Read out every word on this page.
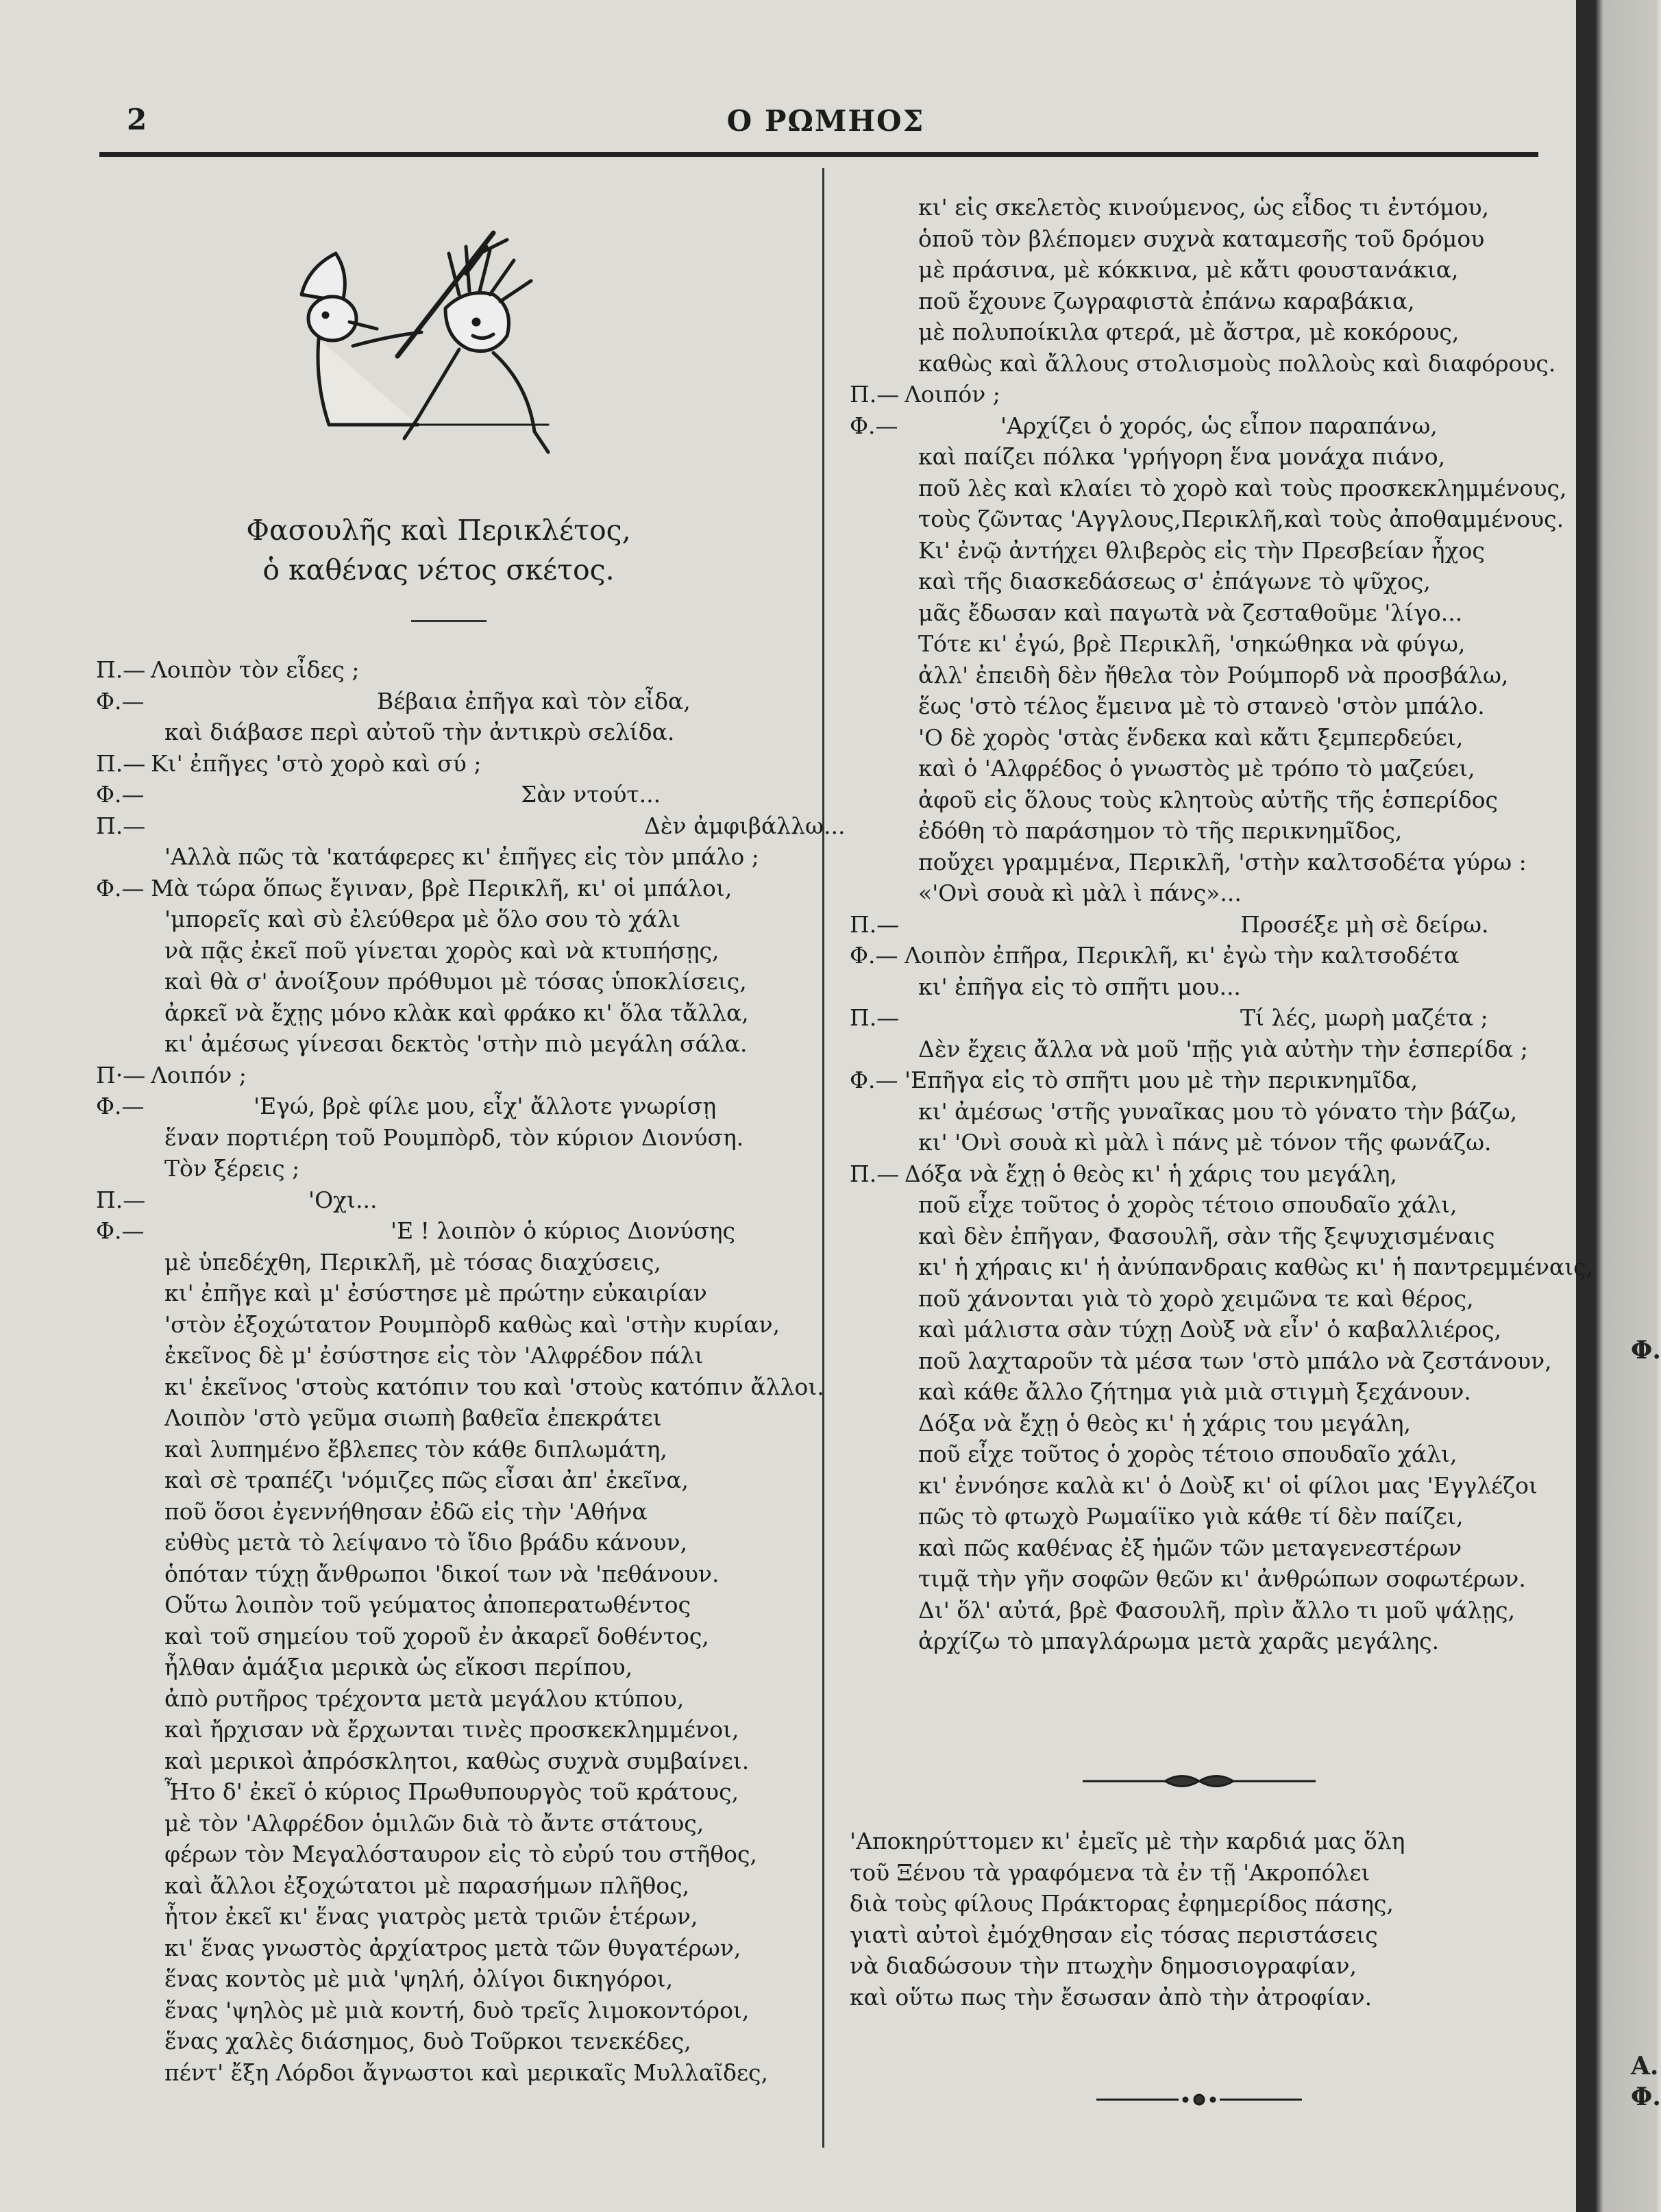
Φ.
Α.
Φ.
2	Ο ΡΩΜΗΟΣ
Φασουλῆς καὶ Περικλέτος,
ὁ καθένας νέτος σκέτος.
Π.— Λοιπὸν τὸν εἶδες ;
Φ.—	Βέβαια ἐπῆγα καὶ τὸν εἶδα,
καὶ διάβασε περὶ αὐτοῦ τὴν ἀντικρὺ σελίδα.
Π.— Κι' ἐπῆγες 'στὸ χορὸ καὶ σύ ;
Φ.—	Σὰν ντούτ...
Π.—	Δὲν ἀμφιβάλλω...
'Αλλὰ πῶς τὰ 'κατάφερες κι' ἐπῆγες εἰς τὸν μπάλο ;
Φ.— Μὰ τώρα ὅπως ἔγιναν, βρὲ Περικλῆ, κι' οἱ μπάλοι,
'μπορεῖς καὶ σὺ ἐλεύθερα μὲ ὅλο σου τὸ χάλι
νὰ πᾷς ἐκεῖ ποῦ γίνεται χορὸς καὶ νὰ κτυπήσῃς,
καὶ θὰ σ' ἀνοίξουν πρόθυμοι μὲ τόσας ὑποκλίσεις,
ἀρκεῖ νὰ ἔχῃς μόνο κλὰκ καὶ φράκο κι' ὅλα τἄλλα,
κι' ἀμέσως γίνεσαι δεκτὸς 'στὴν πιὸ μεγάλη σάλα.
Π·— Λοιπόν ;
Φ.—	'Εγώ, βρὲ φίλε μου, εἶχ' ἄλλοτε γνωρίσῃ
ἕναν πορτιέρη τοῦ Ρουμπὸρδ, τὸν κύριον Διονύση.
Τὸν ξέρεις ;
Π.—	'Οχι...
Φ.—	'Ε ! λοιπὸν ὁ κύριος Διονύσης
μὲ ὑπεδέχθη, Περικλῆ, μὲ τόσας διαχύσεις,
κι' ἐπῆγε καὶ μ' ἐσύστησε μὲ πρώτην εὐκαιρίαν
'στὸν ἐξοχώτατον Ρουμπὸρδ καθὼς καὶ 'στὴν κυρίαν,
ἐκεῖνος δὲ μ' ἐσύστησε εἰς τὸν 'Αλφρέδον πάλι
κι' ἐκεῖνος 'στοὺς κατόπιν του καὶ 'στοὺς κατόπιν ἄλλοι.
Λοιπὸν 'στὸ γεῦμα σιωπὴ βαθεῖα ἐπεκράτει
καὶ λυπημένο ἔβλεπες τὸν κάθε διπλωμάτη,
καὶ σὲ τραπέζι 'νόμιζες πῶς εἶσαι ἀπ' ἐκεῖνα,
ποῦ ὅσοι ἐγεννήθησαν ἐδῶ εἰς τὴν 'Αθήνα
εὐθὺς μετὰ τὸ λείψανο τὸ ἴδιο βράδυ κάνουν,
ὁπόταν τύχῃ ἄνθρωποι 'δικοί των νὰ 'πεθάνουν.
Οὕτω λοιπὸν τοῦ γεύματος ἀποπερατωθέντος
καὶ τοῦ σημείου τοῦ χοροῦ ἐν ἀκαρεῖ δοθέντος,
ἦλθαν ἁμάξια μερικὰ ὡς εἴκοσι περίπου,
ἀπὸ ρυτῆρος τρέχοντα μετὰ μεγάλου κτύπου,
καὶ ἤρχισαν νὰ ἔρχωνται τινὲς προσκεκλημμένοι,
καὶ μερικοὶ ἀπρόσκλητοι, καθὼς συχνὰ συμβαίνει.
Ἦτο δ' ἐκεῖ ὁ κύριος Πρωθυπουργὸς τοῦ κράτους,
μὲ τὸν 'Αλφρέδον ὁμιλῶν διὰ τὸ ἄντε στάτους,
φέρων τὸν Μεγαλόσταυρον εἰς τὸ εὐρύ του στῆθος,
καὶ ἄλλοι ἐξοχώτατοι μὲ παρασήμων πλῆθος,
ἦτον ἐκεῖ κι' ἕνας γιατρὸς μετὰ τριῶν ἑτέρων,
κι' ἕνας γνωστὸς ἀρχίατρος μετὰ τῶν θυγατέρων,
ἕνας κοντὸς μὲ μιὰ 'ψηλή, ὀλίγοι δικηγόροι,
ἕνας 'ψηλὸς μὲ μιὰ κοντή, δυὸ τρεῖς λιμοκοντόροι,
ἕνας χαλὲς διάσημος, δυὸ Τοῦρκοι τενεκέδες,
πέντ' ἔξη Λόρδοι ἄγνωστοι καὶ μερικαῖς Μυλλαῖδες,
κι' εἰς σκελετὸς κινούμενος, ὡς εἶδος τι ἐντόμου,
ὁποῦ τὸν βλέπομεν συχνὰ καταμεσῆς τοῦ δρόμου
μὲ πράσινα, μὲ κόκκινα, μὲ κἄτι φουστανάκια,
ποῦ ἔχουνε ζωγραφιστὰ ἐπάνω καραβάκια,
μὲ πολυποίκιλα φτερά, μὲ ἄστρα, μὲ κοκόρους,
καθὼς καὶ ἄλλους στολισμοὺς πολλοὺς καὶ διαφόρους.
Π.— Λοιπόν ;
Φ.—	'Αρχίζει ὁ χορός, ὡς εἶπον παραπάνω,
καὶ παίζει πόλκα 'γρήγορη ἕνα μονάχα πιάνο,
ποῦ λὲς καὶ κλαίει τὸ χορὸ καὶ τοὺς προσκεκλημμένους,
τοὺς ζῶντας 'Αγγλους,Περικλῆ,καὶ τοὺς ἀποθαμμένους.
Κι' ἐνῷ ἀντήχει θλιβερὸς εἰς τὴν Πρεσβείαν ἦχος
καὶ τῆς διασκεδάσεως σ' ἐπάγωνε τὸ ψῦχος,
μᾶς ἔδωσαν καὶ παγωτὰ νὰ ζεσταθοῦμε 'λίγο...
Τότε κι' ἐγώ, βρὲ Περικλῆ, 'σηκώθηκα νὰ φύγω,
ἀλλ' ἐπειδὴ δὲν ἤθελα τὸν Ρούμπορδ νὰ προσβάλω,
ἕως 'στὸ τέλος ἔμεινα μὲ τὸ στανεὸ 'στὸν μπάλο.
'Ο δὲ χορὸς 'στὰς ἕνδεκα καὶ κἄτι ξεμπερδεύει,
καὶ ὁ 'Αλφρέδος ὁ γνωστὸς μὲ τρόπο τὸ μαζεύει,
ἀφοῦ εἰς ὅλους τοὺς κλητοὺς αὐτῆς τῆς ἑσπερίδος
ἐδόθη τὸ παράσημον τὸ τῆς περικνημῖδος,
ποὔχει γραμμένα, Περικλῆ, 'στὴν καλτσοδέτα γύρω :
«'Ονὶ σουὰ κὶ μὰλ ὶ πάνς»...
Π.—	Προσέξε μὴ σὲ δείρω.
Φ.— Λοιπὸν ἐπῆρα, Περικλῆ, κι' ἐγὼ τὴν καλτσοδέτα
κι' ἐπῆγα εἰς τὸ σπῆτι μου...
Π.—	Τί λές, μωρὴ μαζέτα ;
Δὲν ἔχεις ἄλλα νὰ μοῦ 'πῇς γιὰ αὐτὴν τὴν ἑσπερίδα ;
Φ.— 'Επῆγα εἰς τὸ σπῆτι μου μὲ τὴν περικνημῖδα,
κι' ἀμέσως 'στῆς γυναῖκας μου τὸ γόνατο τὴν βάζω,
κι' 'Ονὶ σουὰ κὶ μὰλ ὶ πάνς μὲ τόνον τῆς φωνάζω.
Π.— Δόξα νὰ ἔχῃ ὁ θεὸς κι' ἡ χάρις του μεγάλη,
ποῦ εἶχε τοῦτος ὁ χορὸς τέτοιο σπουδαῖο χάλι,
καὶ δὲν ἐπῆγαν, Φασουλῆ, σὰν τῆς ξεψυχισμέναις
κι' ἡ χήραις κι' ἡ ἀνύπανδραις καθὼς κι' ἡ παντρεμμέναις,
ποῦ χάνονται γιὰ τὸ χορὸ χειμῶνα τε καὶ θέρος,
καὶ μάλιστα σὰν τύχῃ Δοὺξ νὰ εἶν' ὁ καβαλλιέρος,
ποῦ λαχταροῦν τὰ μέσα των 'στὸ μπάλο νὰ ζεστάνουν,
καὶ κάθε ἄλλο ζήτημα γιὰ μιὰ στιγμὴ ξεχάνουν.
Δόξα νὰ ἔχῃ ὁ θεὸς κι' ἡ χάρις του μεγάλη,
ποῦ εἶχε τοῦτος ὁ χορὸς τέτοιο σπουδαῖο χάλι,
κι' ἐννόησε καλὰ κι' ὁ Δοὺξ κι' οἱ φίλοι μας 'Εγγλέζοι
πῶς τὸ φτωχὸ Ρωμαίϊκο γιὰ κάθε τί δὲν παίζει,
καὶ πῶς καθένας ἐξ ἡμῶν τῶν μεταγενεστέρων
τιμᾷ τὴν γῆν σοφῶν θεῶν κι' ἀνθρώπων σοφωτέρων.
Δι' ὅλ' αὐτά, βρὲ Φασουλῆ, πρὶν ἄλλο τι μοῦ ψάλῃς,
ἀρχίζω τὸ μπαγλάρωμα μετὰ χαρᾶς μεγάλης.
'Αποκηρύττομεν κι' ἐμεῖς μὲ τὴν καρδιά μας ὅλη
τοῦ Ξένου τὰ γραφόμενα τὰ ἐν τῇ 'Ακροπόλει
διὰ τοὺς φίλους Πράκτορας ἐφημερίδος πάσης,
γιατὶ αὐτοὶ ἐμόχθησαν εἰς τόσας περιστάσεις
νὰ διαδώσουν τὴν πτωχὴν δημοσιογραφίαν,
καὶ οὕτω πως τὴν ἔσωσαν ἀπὸ τὴν ἀτροφίαν.
